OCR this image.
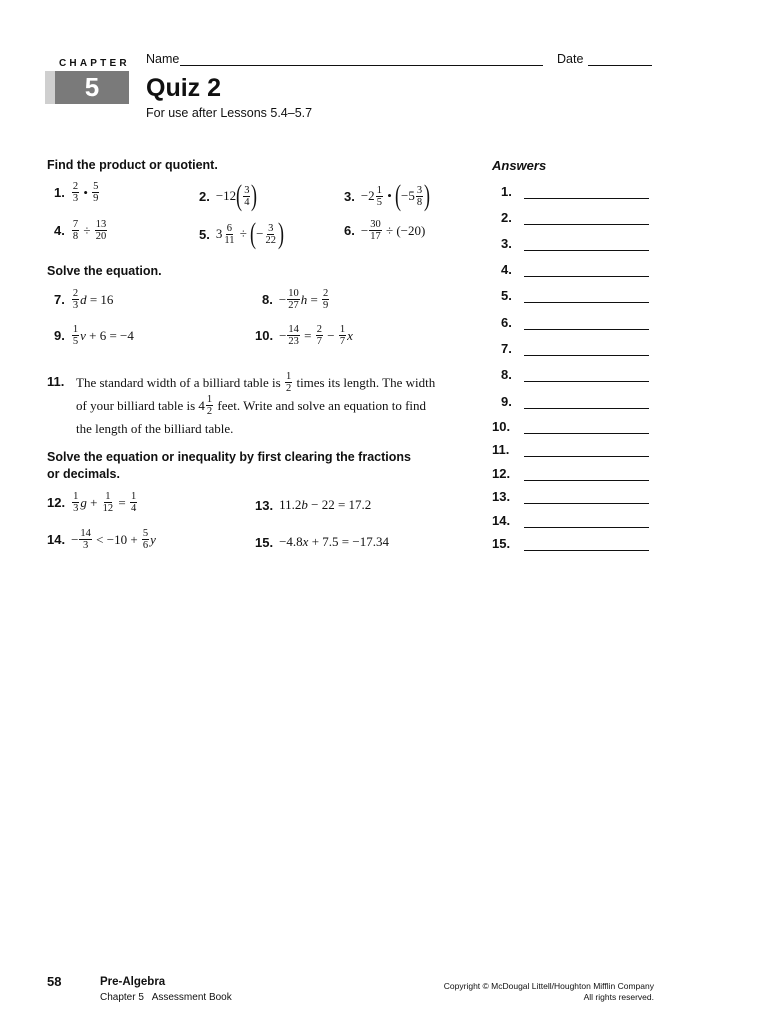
CHAPTER
5
Name	Date
Quiz 2
For use after Lessons 5.4–5.7
Find the product or quotient.
1. $\frac{2}{3}$ • $\frac{5}{9}$	2. −12 ( $\frac{3}{4}$ )	3. $-2 \frac{1}{5}$ • ( $-5 \frac{3}{8}$ )
4. $\frac{7}{8} \div \frac{13}{20}$	5. $3 \frac{6}{11}$ ÷ ( − $\frac{3}{22}$ )	6. − $\frac{30}{17} \div (-20)$
Solve the equation.
7. $\frac{2}{3}$ d = 16	8. − $\frac{10}{27}$ $h = \frac{2}{9}$
9. $\frac{1}{5}$ v + 6 = −4	10. − $\frac{14}{23} = \frac{2}{7} - \frac{1}{7}$ x
11. The standard width of a billiard table is
$\frac{1}{2}$
times its length. The width
of your billiard table is $4 \frac{1}{2}$
feet. Write and solve an equation to find
the length of the billiard table.
Solve the equation or inequality by first clearing the fractions
or decimals.
12. $\frac{1}{3}$ $g + \frac{1}{12} = \frac{1}{4}$	13. 11.2 b − 22 = 17.2
14. − $\frac{14}{3} < -10 + \frac{5}{6}$ y	15. −4.8 x + 7.5 = −17.34
Answers
1.
2.
3.
4.
5.
6.
7.
8.
9.
10.
11.
12.
13.
14.
15.
58	Pre-Algebra
Chapter 5   Assessment Book
Copyright © McDougal Littell/Houghton Mifflin Company
All rights reserved.
